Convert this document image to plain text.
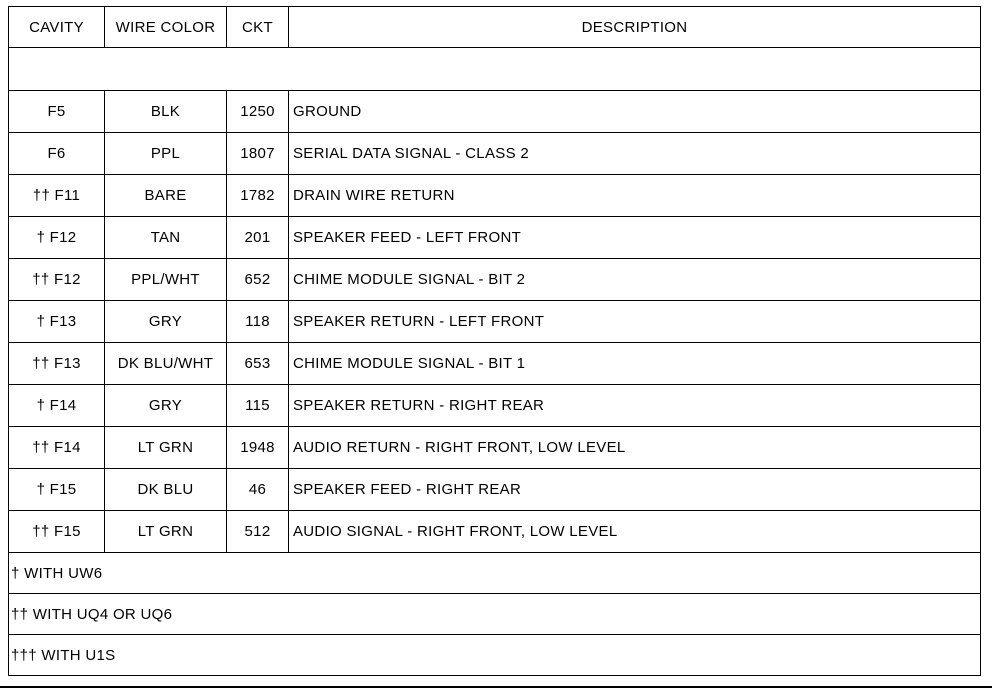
CAVITY	WIRE COLOR	CKT	DESCRIPTION

F5	BLK	1250	GROUND
F6	PPL	1807	SERIAL DATA SIGNAL - CLASS 2
†† F11	BARE	1782	DRAIN WIRE RETURN
† F12	TAN	201	SPEAKER FEED - LEFT FRONT
†† F12	PPL/WHT	652	CHIME MODULE SIGNAL - BIT 2
† F13	GRY	118	SPEAKER RETURN - LEFT FRONT
†† F13	DK BLU/WHT	653	CHIME MODULE SIGNAL - BIT 1
† F14	GRY	115	SPEAKER RETURN - RIGHT REAR
†† F14	LT GRN	1948	AUDIO RETURN - RIGHT FRONT, LOW LEVEL
† F15	DK BLU	46	SPEAKER FEED - RIGHT REAR
†† F15	LT GRN	512	AUDIO SIGNAL - RIGHT FRONT, LOW LEVEL
† WITH UW6			
†† WITH UQ4 OR UQ6			
††† WITH U1S			
